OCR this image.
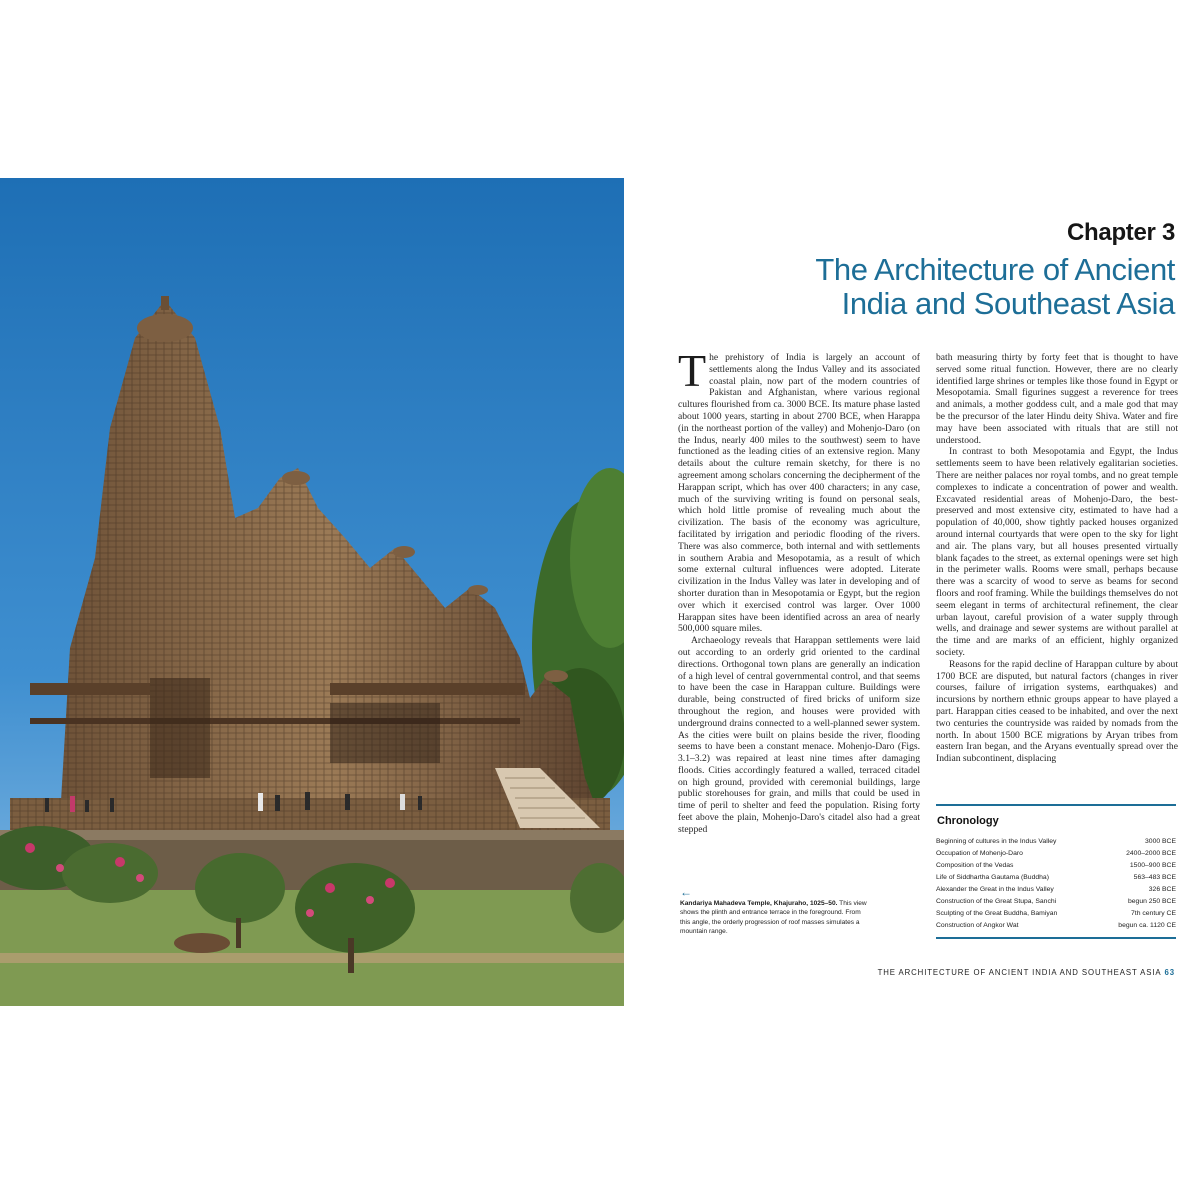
Chapter 3
The Architecture of Ancient India and Southeast Asia

The prehistory of India is largely an account of settlements along the Indus Valley and its associated coastal plain, now part of the modern countries of Pakistan and Afghanistan, where various regional cultures flourished from ca. 3000 BCE. Its mature phase lasted about 1000 years, starting in about 2700 BCE, when Harappa (in the northeast portion of the valley) and Mohenjo-Daro (on the Indus, nearly 400 miles to the southwest) seem to have functioned as the leading cities of an extensive region. Many details about the culture remain sketchy, for there is no agreement among scholars concerning the decipherment of the Harappan script, which has over 400 characters; in any case, much of the surviving writing is found on personal seals, which hold little promise of revealing much about the civilization. The basis of the economy was agriculture, facilitated by irrigation and periodic flooding of the rivers. There was also commerce, both internal and with settlements in southern Arabia and Mesopotamia, as a result of which some external cultural influences were adopted. Literate civilization in the Indus Valley was later in developing and of shorter duration than in Mesopotamia or Egypt, but the region over which it exercised control was larger. Over 1000 Harappan sites have been identified across an area of nearly 500,000 square miles.

Archaeology reveals that Harappan settlements were laid out according to an orderly grid oriented to the cardinal directions. Orthogonal town plans are generally an indication of a high level of central governmental control, and that seems to have been the case in Harappan culture. Buildings were durable, being constructed of fired bricks of uniform size throughout the region, and houses were provided with underground drains connected to a well-planned sewer system. As the cities were built on plains beside the river, flooding seems to have been a constant menace. Mohenjo-Daro (Figs. 3.1–3.2) was repaired at least nine times after damaging floods. Cities accordingly featured a walled, terraced citadel on high ground, provided with ceremonial buildings, large public storehouses for grain, and mills that could be used in time of peril to shelter and feed the population. Rising forty feet above the plain, Mohenjo-Daro's citadel also had a great stepped

bath measuring thirty by forty feet that is thought to have served some ritual function. However, there are no clearly identified large shrines or temples like those found in Egypt or Mesopotamia. Small figurines suggest a reverence for trees and animals, a mother goddess cult, and a male god that may be the precursor of the later Hindu deity Shiva. Water and fire may have been associated with rituals that are still not understood.

In contrast to both Mesopotamia and Egypt, the Indus settlements seem to have been relatively egalitarian societies. There are neither palaces nor royal tombs, and no great temple complexes to indicate a concentration of power and wealth. Excavated residential areas of Mohenjo-Daro, the best-preserved and most extensive city, estimated to have had a population of 40,000, show tightly packed houses organized around internal courtyards that were open to the sky for light and air. The plans vary, but all houses presented virtually blank façades to the street, as external openings were set high in the perimeter walls. Rooms were small, perhaps because there was a scarcity of wood to serve as beams for second floors and roof framing. While the buildings themselves do not seem elegant in terms of architectural refinement, the clear urban layout, careful provision of a water supply through wells, and drainage and sewer systems are without parallel at the time and are marks of an efficient, highly organized society.

Reasons for the rapid decline of Harappan culture by about 1700 BCE are disputed, but natural factors (changes in river courses, failure of irrigation systems, earthquakes) and incursions by northern ethnic groups appear to have played a part. Harappan cities ceased to be inhabited, and over the next two centuries the countryside was raided by nomads from the north. In about 1500 BCE migrations by Aryan tribes from eastern Iran began, and the Aryans eventually spread over the Indian subcontinent, displacing

←
Kandariya Mahadeva Temple, Khajuraho, 1025–50. This view shows the plinth and entrance terrace in the foreground. From this angle, the orderly progression of roof masses simulates a mountain range.
Chronology
Beginning of cultures in the Indus Valley	3000 BCE
Occupation of Mohenjo-Daro	2400–2000 BCE
Composition of the Vedas	1500–900 BCE
Life of Siddhartha Gautama (Buddha)	563–483 BCE
Alexander the Great in the Indus Valley	326 BCE
Construction of the Great Stupa, Sanchi	begun 250 BCE
Sculpting of the Great Buddha, Bamiyan	7th century CE
Construction of Angkor Wat	begun ca. 1120 CE
THE ARCHITECTURE OF ANCIENT INDIA AND SOUTHEAST ASIA 63
